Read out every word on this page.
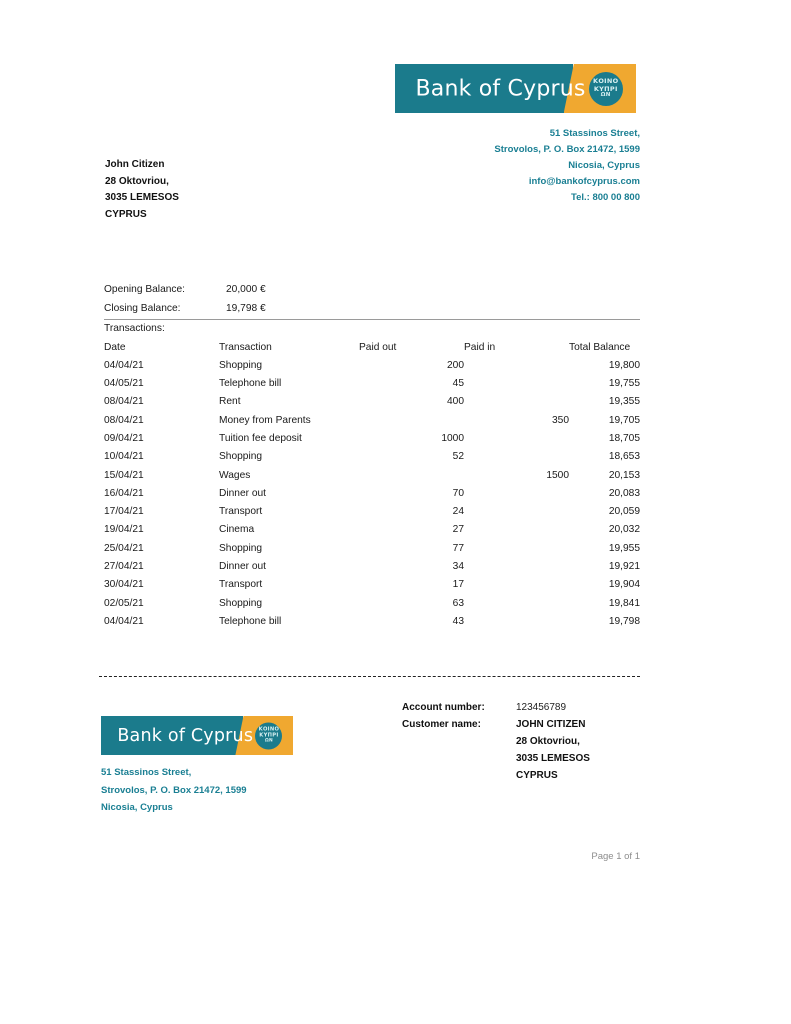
Bank of Cyprus ΚΟΙΝΟ
ΚΥΠΡΙ
ΩΝ
51 Stassinos Street,
Strovolos, P. O. Box 21472, 1599
Nicosia, Cyprus
info@bankofcyprus.com
Tel.: 800 00 800
John Citizen
28 Oktovriou,
3035 LEMESOS
CYPRUS
Opening Balance:	20,000 €
Closing Balance:	19,798 €
Transactions:
Date	Transaction	Paid out	Paid in	Total Balance
04/04/21	Shopping	200		19,800
04/05/21	Telephone bill	45		19,755
08/04/21	Rent	400		19,355
08/04/21	Money from Parents		350	19,705
09/04/21	Tuition fee deposit	1000		18,705
10/04/21	Shopping	52		18,653
15/04/21	Wages		1500	20,153
16/04/21	Dinner out	70		20,083
17/04/21	Transport	24		20,059
19/04/21	Cinema	27		20,032
25/04/21	Shopping	77		19,955
27/04/21	Dinner out	34		19,921
30/04/21	Transport	17		19,904
02/05/21	Shopping	63		19,841
04/04/21	Telephone bill	43		19,798
Bank of Cyprus ΚΟΙΝΟ
ΚΥΠΡΙ
ΩΝ
Account number:	123456789
Customer name:	JOHN CITIZEN
28 Oktovriou,
3035 LEMESOS
CYPRUS
51 Stassinos Street,
Strovolos, P. O. Box 21472, 1599
Nicosia, Cyprus
Page 1 of 1
